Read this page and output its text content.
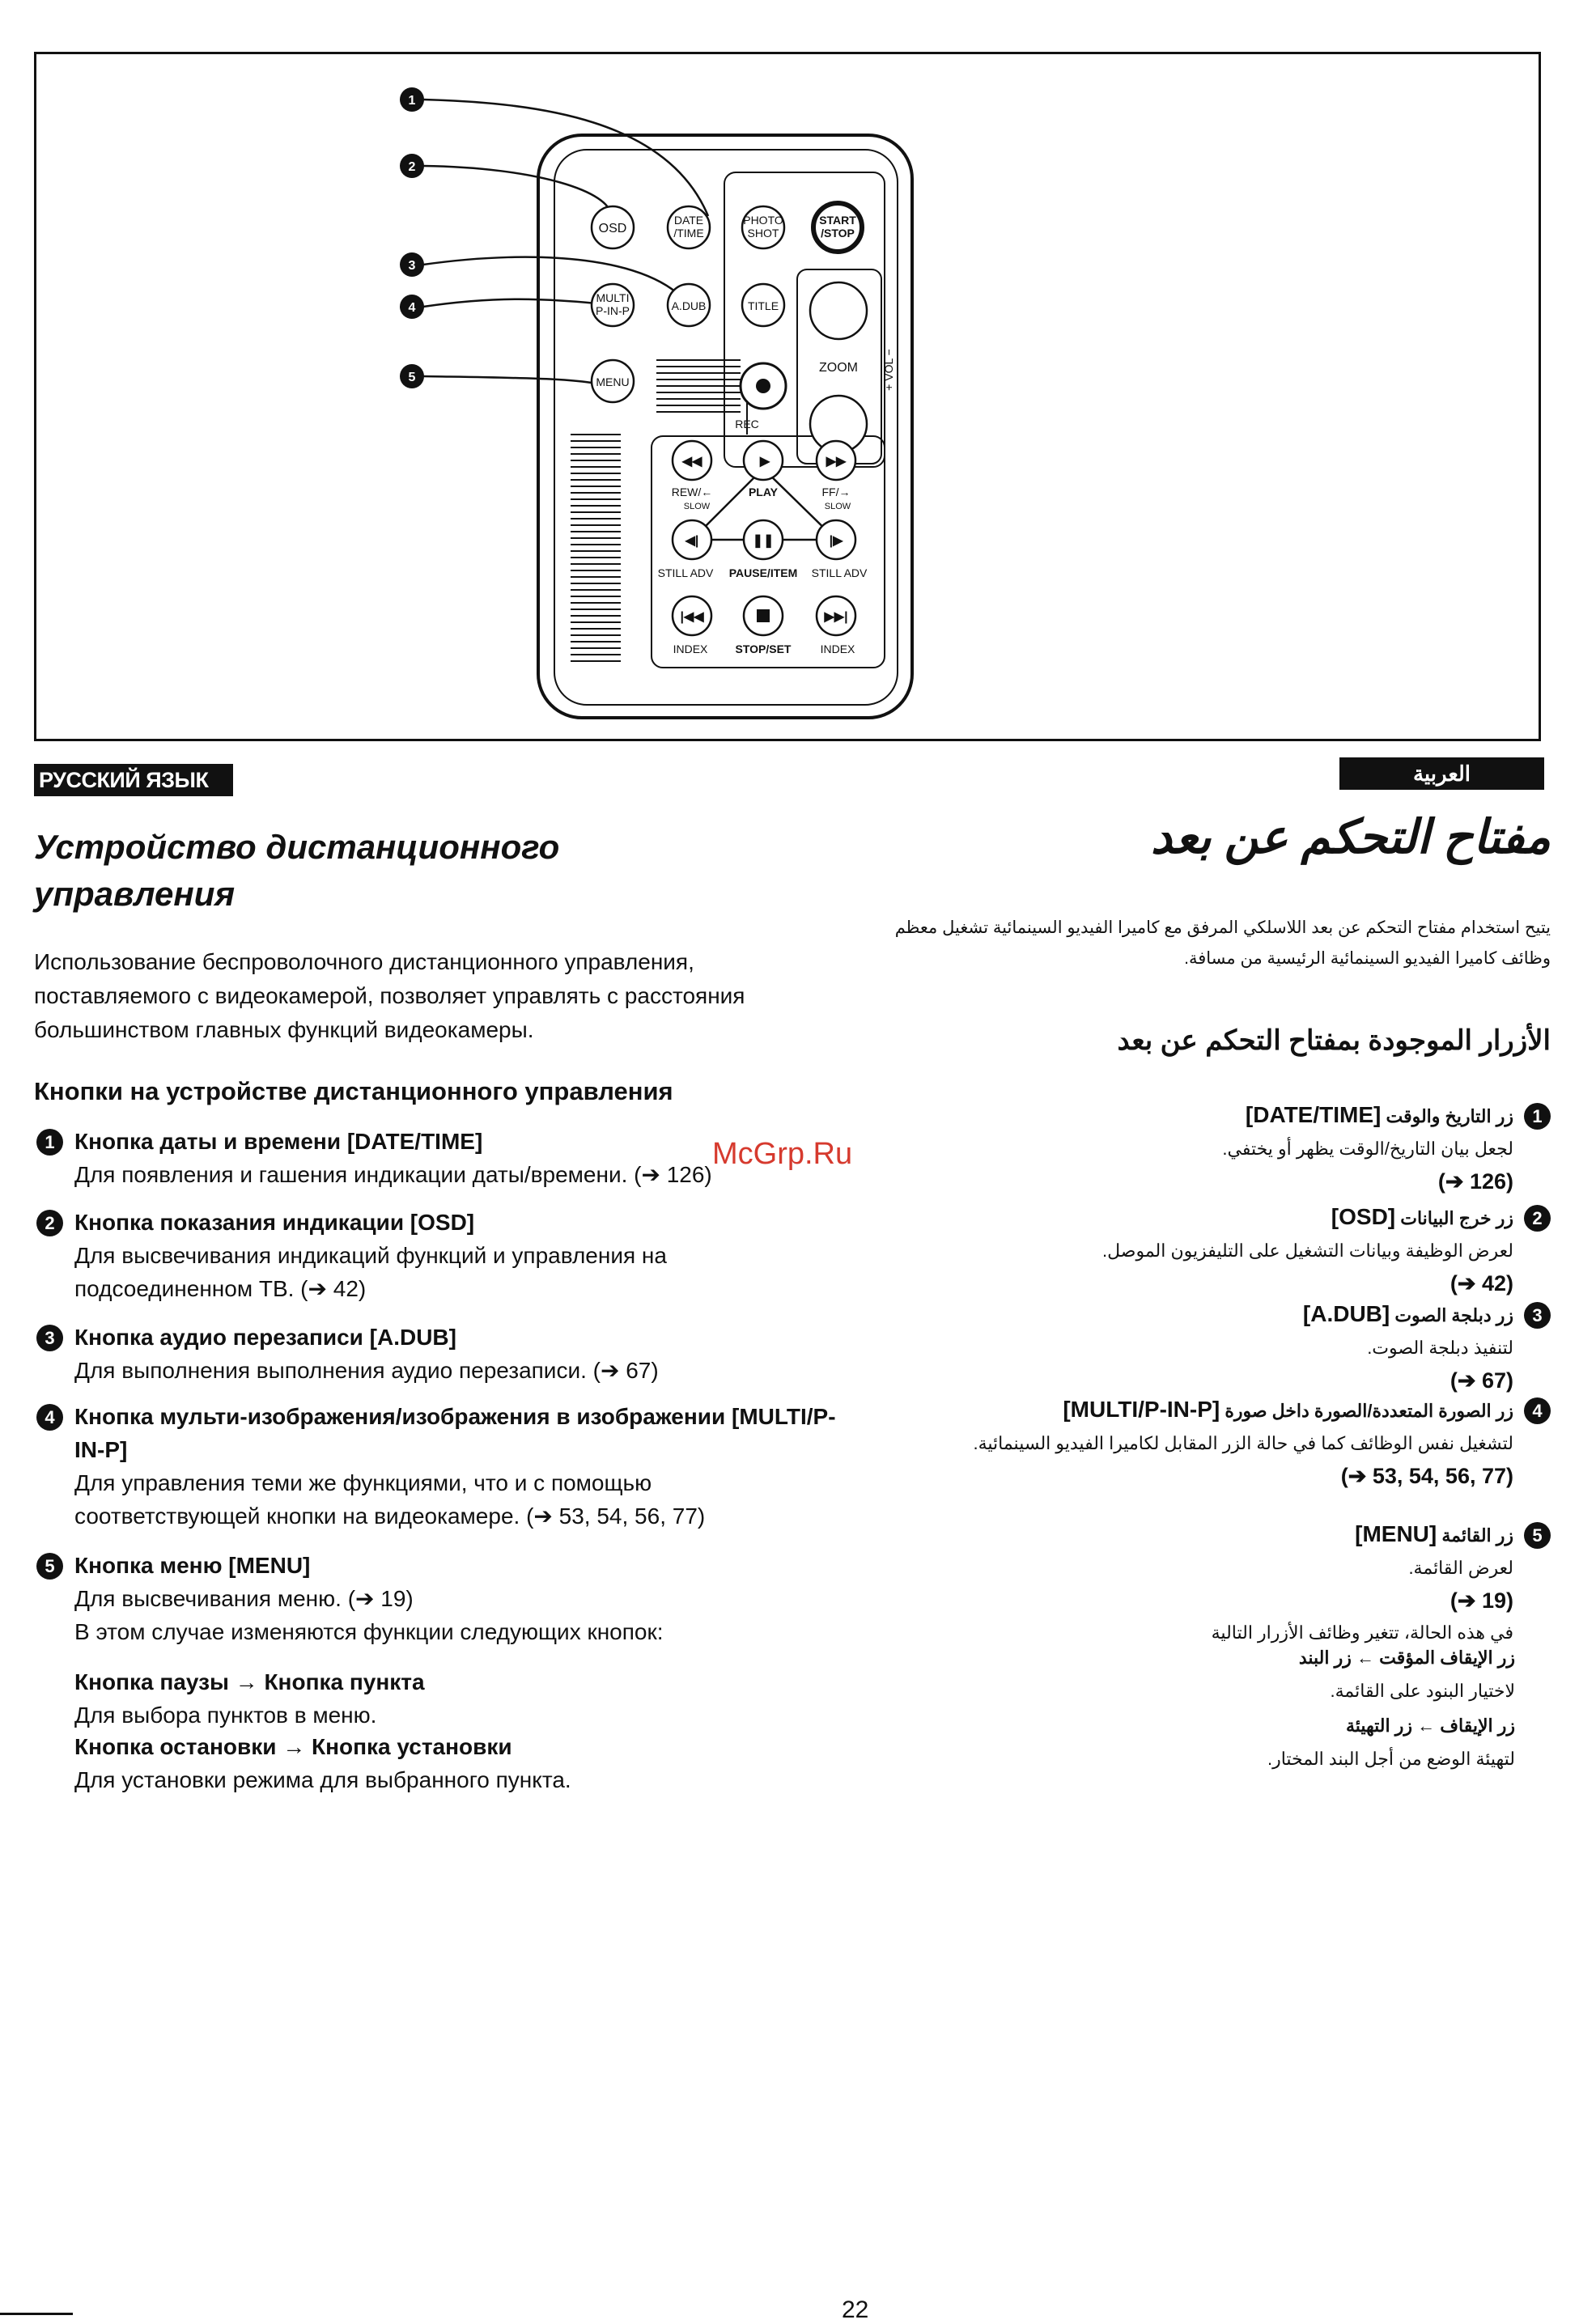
1
2
3
4
5
OSD
DATE
/TIME
PHOTO
SHOT
START
/STOP
MULTI
P-IN-P	A.DUB	TITLE
ZOOM + VOL −
MENU
REC
◀◀	▶	▶▶
REW/←
SLOW
PLAY	FF/→
SLOW
◀|	❚❚	|▶
STILL ADV PAUSE/ITEM STILL ADV
|◀◀	▶▶|
INDEX STOP/SET	INDEX
РУССКИЙ ЯЗЫК	العربية
Устройство дистанционного
управления
Использование беспроволочного дистанционного управления, поставляемого с видеокамерой, позволяет управлять с расстояния большинством главных функций видеокамеры.
Кнопки на устройстве дистанционного управления
1 Кнопка даты и времени [DATE/TIME]
Для появления и гашения индикации даты/времени. (➔ 126)
2 Кнопка показания индикации [OSD]
Для высвечивания индикаций функций и управления на подсоединенном ТВ. (➔ 42)
3 Кнопка аудио перезаписи [A.DUB]
Для выполнения выполнения аудио перезаписи. (➔ 67)
4 Кнопка мульти-изображения/изображения в изображении [MULTI/P-IN-P]
Для управления теми же функциями, что и с помощью соответствующей кнопки на видеокамере. (➔ 53, 54, 56, 77)
5 Кнопка меню [MENU]
Для высвечивания меню. (➔ 19)
В этом случае изменяются функции следующих кнопок:
Кнопка паузы → Кнопка пункта
Для выбора пунктов в меню.
Кнопка остановки → Кнопка установки
Для установки режима для выбранного пункта.
مفتاح التحكم عن بعد
يتيح استخدام مفتاح التحكم عن بعد اللاسلكي المرفق مع كاميرا الفيديو السينمائية تشغيل معظم وظائف كاميرا الفيديو السينمائية الرئيسية من مسافة.
الأزرار الموجودة بمفتاح التحكم عن بعد
1
زر التاريخ والوقت [DATE/TIME]
لجعل بيان التاريخ/الوقت يظهر أو يختفي.
(➔ 126)
2
زر خرج البيانات [OSD]
لعرض الوظيفة وبيانات التشغيل على التليفزيون الموصل.
(➔ 42)
3
زر دبلجة الصوت [A.DUB]
لتنفيذ دبلجة الصوت.
(➔ 67)
4
زر الصورة المتعددة/الصورة داخل صورة [MULTI/P-IN-P]
لتشغيل نفس الوظائف كما في حالة الزر المقابل لكاميرا الفيديو السينمائية.
(➔ 53, 54, 56, 77)
5
زر القائمة [MENU]
لعرض القائمة.
(➔ 19)
في هذه الحالة، تتغير وظائف الأزرار التالية
زر الإيقاف المؤقت ← زر البند
لاختيار البنود على القائمة.
زر الإيقاف ← زر التهيئة
لتهيئة الوضع من أجل البند المختار.
McGrp.Ru
22
